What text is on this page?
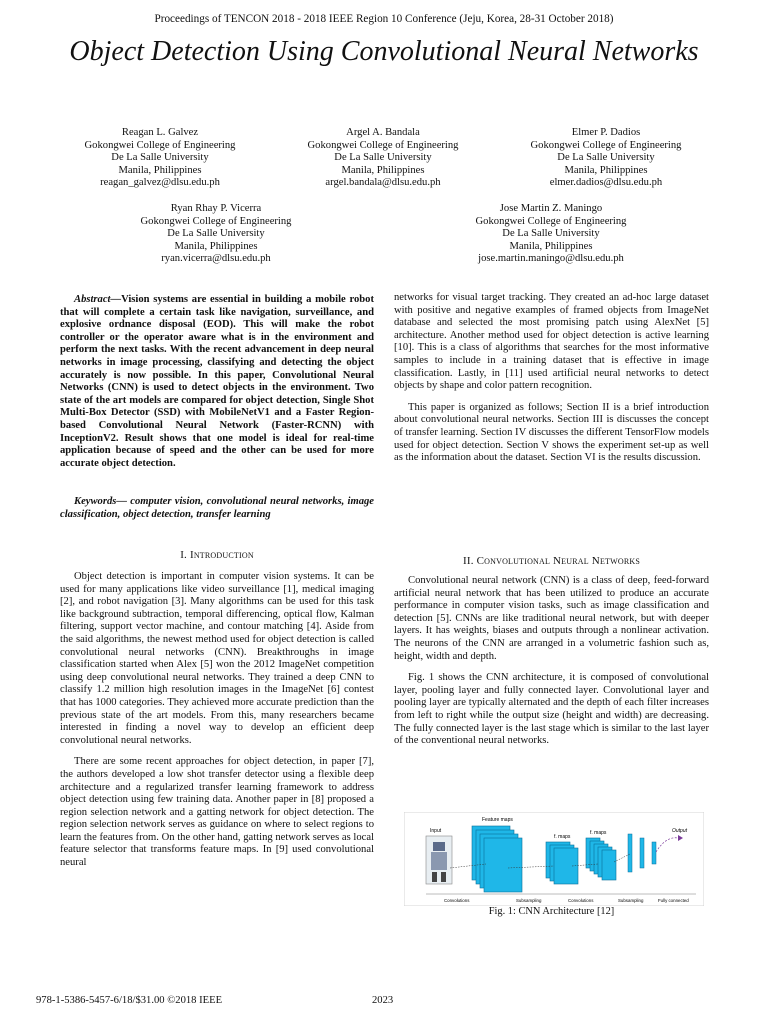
Proceedings of TENCON 2018 - 2018 IEEE Region 10 Conference (Jeju, Korea, 28-31 October 2018)
Object Detection Using Convolutional Neural Networks
Reagan L. Galvez
Gokongwei College of Engineering
De La Salle University
Manila, Philippines
reagan_galvez@dlsu.edu.ph
Argel A. Bandala
Gokongwei College of Engineering
De La Salle University
Manila, Philippines
argel.bandala@dlsu.edu.ph
Elmer P. Dadios
Gokongwei College of Engineering
De La Salle University
Manila, Philippines
elmer.dadios@dlsu.edu.ph
Ryan Rhay P. Vicerra
Gokongwei College of Engineering
De La Salle University
Manila, Philippines
ryan.vicerra@dlsu.edu.ph
Jose Martin Z. Maningo
Gokongwei College of Engineering
De La Salle University
Manila, Philippines
jose.martin.maningo@dlsu.edu.ph

Abstract—Vision systems are essential in building a mobile robot that will complete a certain task like navigation, surveillance, and explosive ordnance disposal (EOD). This will make the robot controller or the operator aware what is in the environment and perform the next tasks. With the recent advancement in deep neural networks in image processing, classifying and detecting the object accurately is now possible. In this paper, Convolutional Neural Networks (CNN) is used to detect objects in the environment. Two state of the art models are compared for object detection, Single Shot Multi-Box Detector (SSD) with MobileNetV1 and a Faster Region-based Convolutional Neural Network (Faster-RCNN) with InceptionV2. Result shows that one model is ideal for real-time application because of speed and the other can be used for more accurate object detection.

Keywords— computer vision, convolutional neural networks, image classification, object detection, transfer learning

I. Introduction

Object detection is important in computer vision systems. It can be used for many applications like video surveillance [1], medical imaging [2], and robot navigation [3]. Many algorithms can be used for this task like background subtraction, temporal differencing, optical flow, Kalman filtering, support vector machine, and contour matching [4]. Aside from the said algorithms, the newest method used for object detection is called convolutional neural networks (CNN). Breakthroughs in image classification started when Alex [5] won the 2012 ImageNet competition using deep convolutional neural networks. They trained a deep CNN to classify 1.2 million high resolution images in the ImageNet [6] contest that has 1000 categories. They achieved more accurate prediction than the previous state of the art models. From this, many researchers became interested in finding a novel way to develop an efficient deep convolutional neural networks.

There are some recent approaches for object detection, in paper [7], the authors developed a low shot transfer detector using a flexible deep architecture and a regularized transfer learning framework to address object detection using few training data. Another paper in [8] proposed a region selection network and a gatting network for object detection. The region selection network serves as guidance on where to select regions to learn the features from. On the other hand, gatting network serves as local feature selector that transforms feature maps. In [9] used convolutional neural

networks for visual target tracking. They created an ad-hoc large dataset with positive and negative examples of framed objects from ImageNet database and selected the most promising patch using AlexNet [5] architecture. Another method used for object detection is active learning [10]. This is a class of algorithms that searches for the most informative samples to include in a training dataset that is effective in image classification. Lastly, in [11] used artificial neural networks to detect objects by shape and color pattern recognition.

This paper is organized as follows; Section II is a brief introduction about convolutional neural networks. Section III is discusses the concept of transfer learning. Section IV discusses the different TensorFlow models used for object detection. Section V shows the experiment set-up as well as the information about the dataset. Section VI is the results discussion.

II. Convolutional Neural Networks

Convolutional neural network (CNN) is a class of deep, feed-forward artificial neural network that has been utilized to produce an accurate performance in computer vision tasks, such as image classification and detection [5]. CNNs are like traditional neural network, but with deeper layers. It has weights, biases and outputs through a nonlinear activation. The neurons of the CNN are arranged in a volumetric fashion such as, height, width and depth.

Fig. 1 shows the CNN architecture, it is composed of convolutional layer, pooling layer and fully connected layer. Convolutional layer and pooling layer are typically alternated and the depth of each filter increases from left to right while the output size (height and width) are decreasing. The fully connected layer is the last stage which is similar to the last layer of the conventional neural networks.

Input
Feature maps
f. maps
f. maps	Output
Convolutions	Subsampling	Convolutions	Subsampling	Fully connected
Fig. 1: CNN Architecture [12]
978-1-5386-5457-6/18/$31.00 ©2018 IEEE	2023
